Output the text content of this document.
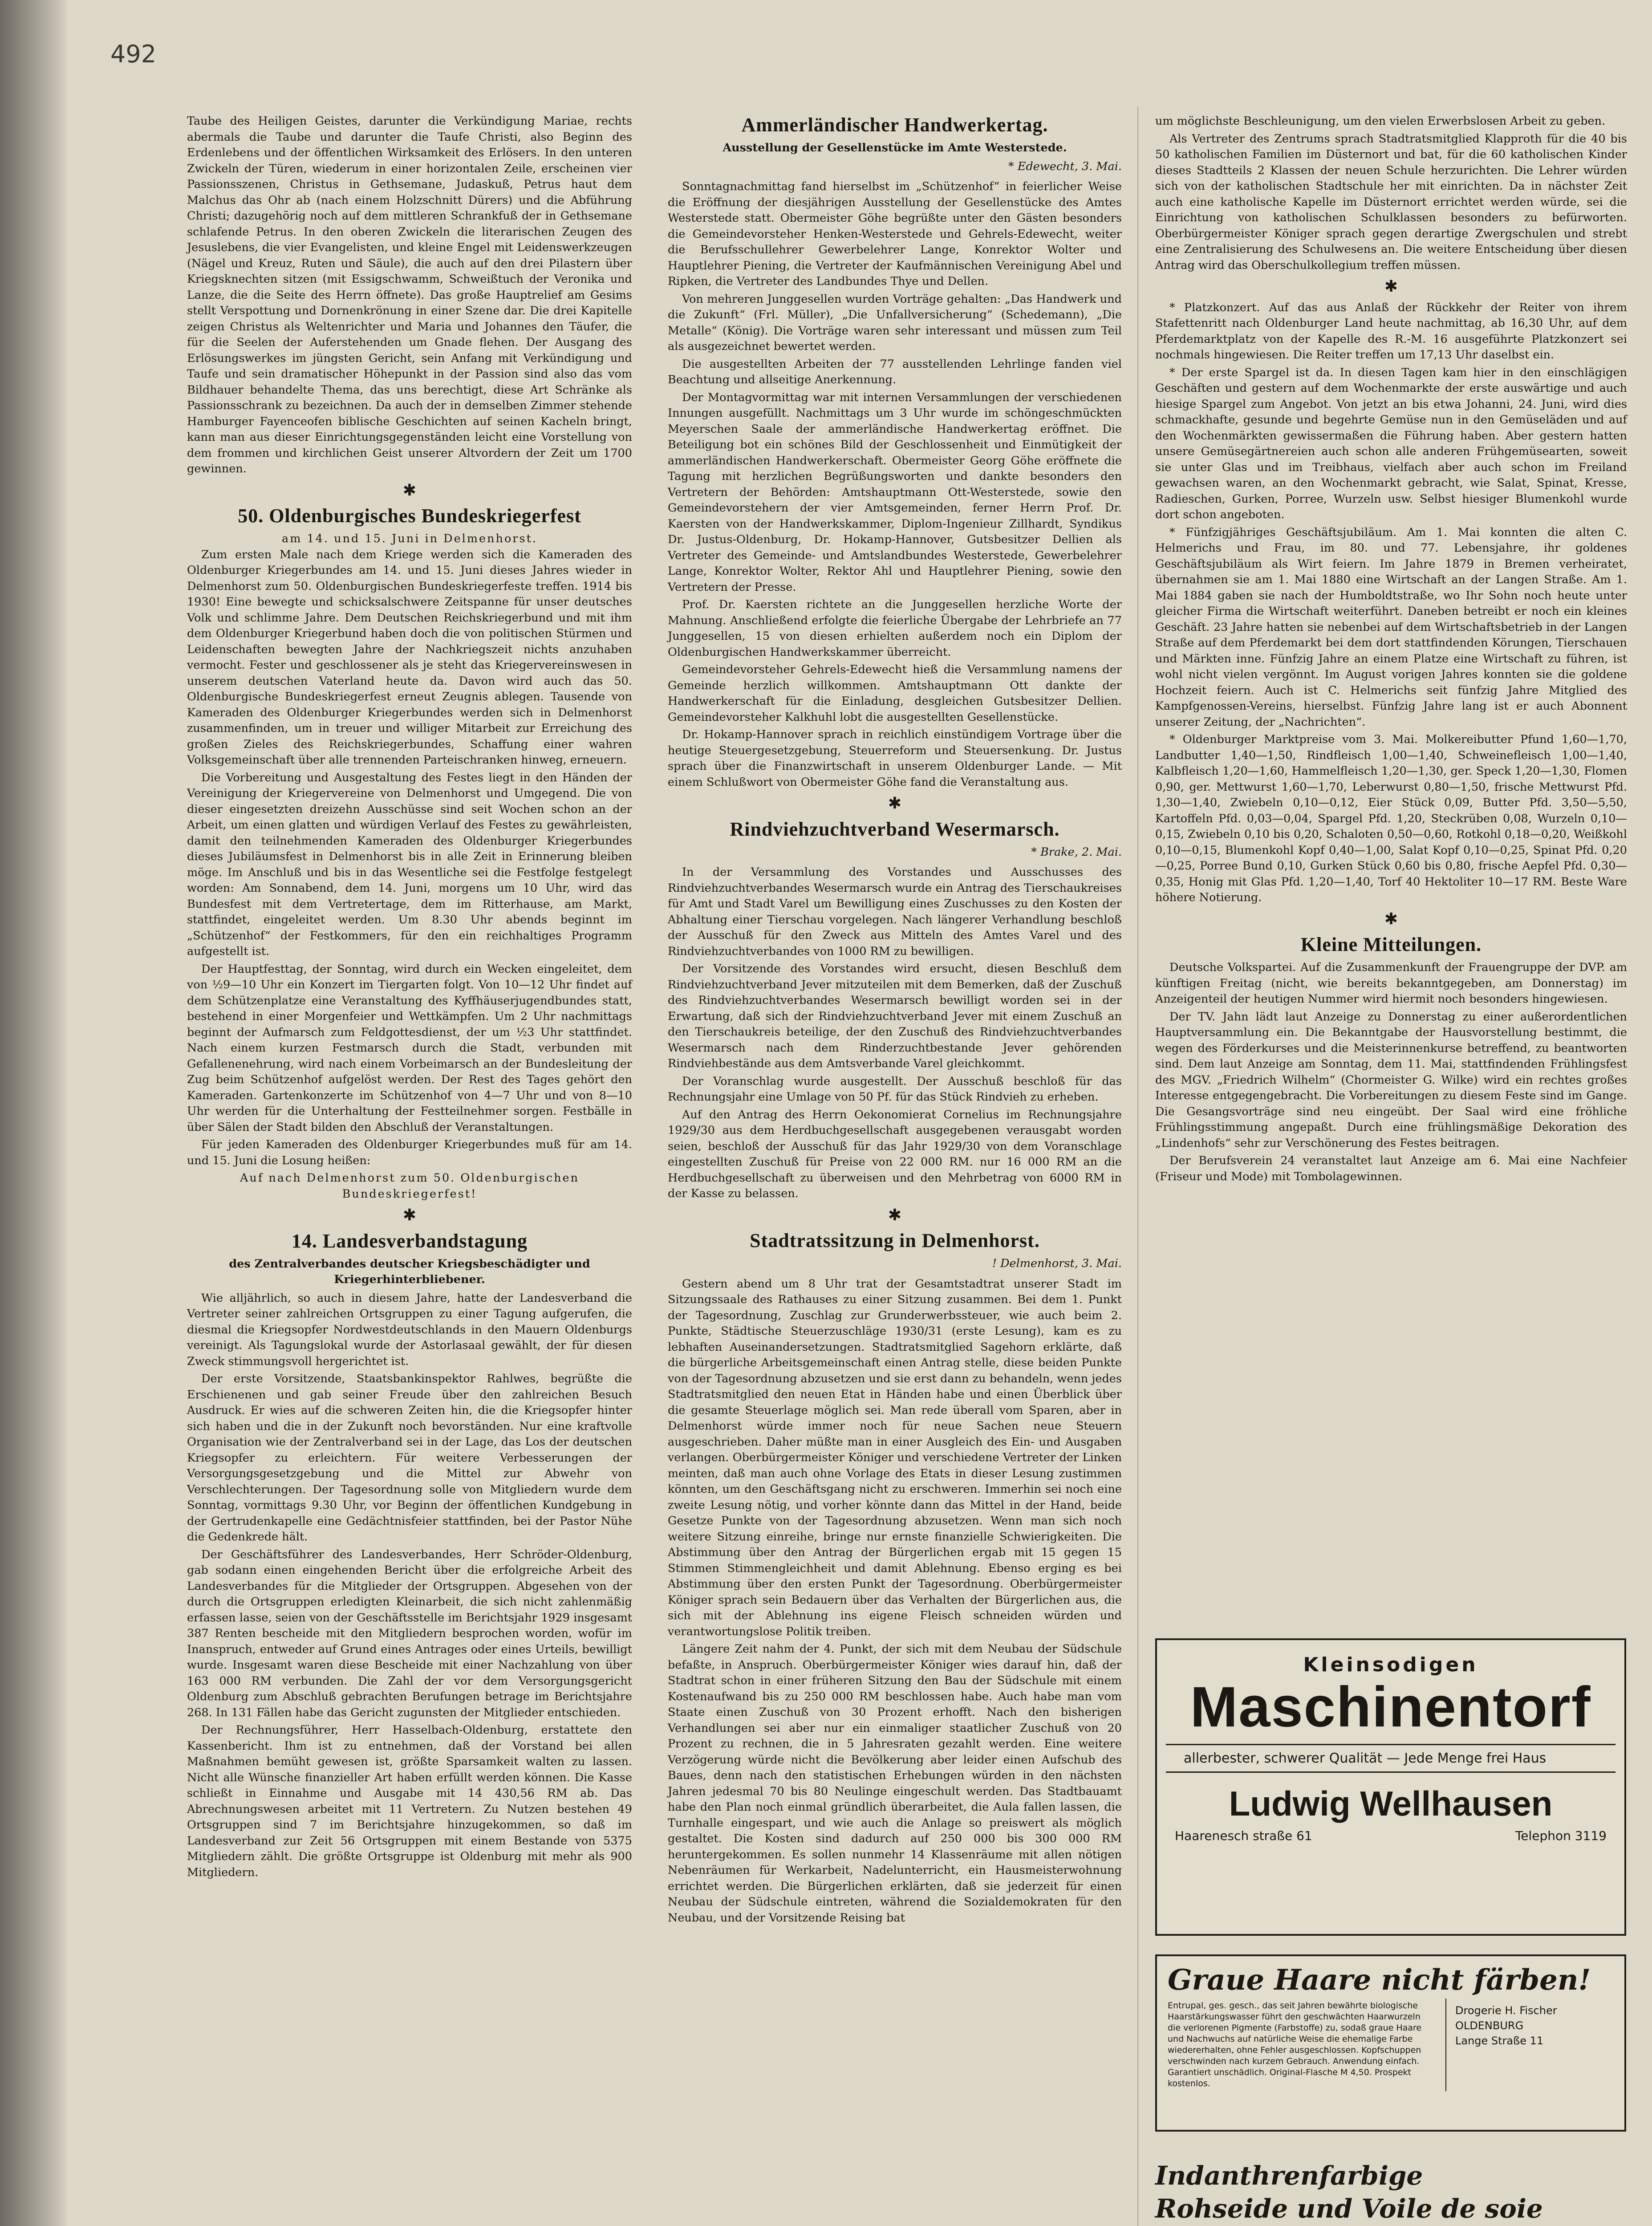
492

Taube des Heiligen Geistes, darunter die Verkündigung Mariae, rechts abermals die Taube und darunter die Taufe Christi, also Beginn des Erdenlebens und der öffentlichen Wirksamkeit des Erlösers. In den unteren Zwickeln der Türen, wiederum in einer horizontalen Zeile, erscheinen vier Passionsszenen, Christus in Gethsemane, Judaskuß, Petrus haut dem Malchus das Ohr ab (nach einem Holzschnitt Dürers) und die Abführung Christi; dazugehörig noch auf dem mittleren Schrankfuß der in Gethsemane schlafende Petrus. In den oberen Zwickeln die literarischen Zeugen des Jesuslebens, die vier Evangelisten, und kleine Engel mit Leidenswerkzeugen (Nägel und Kreuz, Ruten und Säule), die auch auf den drei Pilastern über Kriegsknechten sitzen (mit Essigschwamm, Schweißtuch der Veronika und Lanze, die die Seite des Herrn öffnete). Das große Hauptrelief am Gesims stellt Verspottung und Dornenkrönung in einer Szene dar. Die drei Kapitelle zeigen Christus als Weltenrichter und Maria und Johannes den Täufer, die für die Seelen der Auferstehenden um Gnade flehen. Der Ausgang des Erlösungswerkes im jüngsten Gericht, sein Anfang mit Verkündigung und Taufe und sein dramatischer Höhepunkt in der Passion sind also das vom Bildhauer behandelte Thema, das uns berechtigt, diese Art Schränke als Passionsschrank zu bezeichnen. Da auch der in demselben Zimmer stehende Hamburger Fayenceofen biblische Geschichten auf seinen Kacheln bringt, kann man aus dieser Einrichtungsgegenständen leicht eine Vorstellung von dem frommen und kirchlichen Geist unserer Altvordern der Zeit um 1700 gewinnen.

✱
50. Oldenburgisches Bundeskriegerfest
am 14. und 15. Juni in Delmenhorst.

Zum ersten Male nach dem Kriege werden sich die Kameraden des Oldenburger Kriegerbundes am 14. und 15. Juni dieses Jahres wieder in Delmenhorst zum 50. Oldenburgischen Bundeskriegerfeste treffen. 1914 bis 1930! Eine bewegte und schicksalschwere Zeitspanne für unser deutsches Volk und schlimme Jahre. Dem Deutschen Reichskriegerbund und mit ihm dem Oldenburger Kriegerbund haben doch die von politischen Stürmen und Leidenschaften bewegten Jahre der Nachkriegszeit nichts anzuhaben vermocht. Fester und geschlossener als je steht das Kriegervereinswesen in unserem deutschen Vaterland heute da. Davon wird auch das 50. Oldenburgische Bundeskriegerfest erneut Zeugnis ablegen. Tausende von Kameraden des Oldenburger Kriegerbundes werden sich in Delmenhorst zusammenfinden, um in treuer und williger Mitarbeit zur Erreichung des großen Zieles des Reichskriegerbundes, Schaffung einer wahren Volksgemeinschaft über alle trennenden Parteischranken hinweg, erneuern.

Die Vorbereitung und Ausgestaltung des Festes liegt in den Händen der Vereinigung der Kriegervereine von Delmenhorst und Umgegend. Die von dieser eingesetzten dreizehn Ausschüsse sind seit Wochen schon an der Arbeit, um einen glatten und würdigen Verlauf des Festes zu gewährleisten, damit den teilnehmenden Kameraden des Oldenburger Kriegerbundes dieses Jubiläumsfest in Delmenhorst bis in alle Zeit in Erinnerung bleiben möge. Im Anschluß und bis in das Wesentliche sei die Festfolge festgelegt worden: Am Sonnabend, dem 14. Juni, morgens um 10 Uhr, wird das Bundesfest mit dem Vertretertage, dem im Ritterhause, am Markt, stattfindet, eingeleitet werden. Um 8.30 Uhr abends beginnt im „Schützenhof“ der Festkommers, für den ein reichhaltiges Programm aufgestellt ist.

Der Hauptfesttag, der Sonntag, wird durch ein Wecken eingeleitet, dem von ½9—10 Uhr ein Konzert im Tiergarten folgt. Von 10—12 Uhr findet auf dem Schützenplatze eine Veranstaltung des Kyffhäuserjugendbundes statt, bestehend in einer Morgenfeier und Wettkämpfen. Um 2 Uhr nachmittags beginnt der Aufmarsch zum Feldgottesdienst, der um ½3 Uhr stattfindet. Nach einem kurzen Festmarsch durch die Stadt, verbunden mit Gefallenenehrung, wird nach einem Vorbeimarsch an der Bundesleitung der Zug beim Schützenhof aufgelöst werden. Der Rest des Tages gehört den Kameraden. Gartenkonzerte im Schützenhof von 4—7 Uhr und von 8—10 Uhr werden für die Unterhaltung der Festteilnehmer sorgen. Festbälle in über Sälen der Stadt bilden den Abschluß der Veranstaltungen.

Für jeden Kameraden des Oldenburger Kriegerbundes muß für am 14. und 15. Juni die Losung heißen:

Auf nach Delmenhorst zum 50. Oldenburgischen Bundeskriegerfest!
✱
14. Landesverbandstagung
des Zentralverbandes deutscher Kriegsbeschädigter und Kriegerhinterbliebener.

Wie alljährlich, so auch in diesem Jahre, hatte der Landesverband die Vertreter seiner zahlreichen Ortsgruppen zu einer Tagung aufgerufen, die diesmal die Kriegsopfer Nordwestdeutschlands in den Mauern Oldenburgs vereinigt. Als Tagungslokal wurde der Astorlasaal gewählt, der für diesen Zweck stimmungsvoll hergerichtet ist.

Der erste Vorsitzende, Staatsbankinspektor Rahlwes, begrüßte die Erschienenen und gab seiner Freude über den zahlreichen Besuch Ausdruck. Er wies auf die schweren Zeiten hin, die die Kriegsopfer hinter sich haben und die in der Zukunft noch bevorständen. Nur eine kraftvolle Organisation wie der Zentralverband sei in der Lage, das Los der deutschen Kriegsopfer zu erleichtern. Für weitere Verbesserungen der Versorgungsgesetzgebung und die Mittel zur Abwehr von Verschlechterungen. Der Tagesordnung solle von Mitgliedern wurde dem Sonntag, vormittags 9.30 Uhr, vor Beginn der öffentlichen Kundgebung in der Gertrudenkapelle eine Gedächtnisfeier stattfinden, bei der Pastor Nühe die Gedenkrede hält.

Der Geschäftsführer des Landesverbandes, Herr Schröder-Oldenburg, gab sodann einen eingehenden Bericht über die erfolgreiche Arbeit des Landesverbandes für die Mitglieder der Ortsgruppen. Abgesehen von der durch die Ortsgruppen erledigten Kleinarbeit, die sich nicht zahlenmäßig erfassen lasse, seien von der Geschäftsstelle im Berichtsjahr 1929 insgesamt 387 Renten bescheide mit den Mitgliedern besprochen worden, wofür im Inanspruch, entweder auf Grund eines Antrages oder eines Urteils, bewilligt wurde. Insgesamt waren diese Bescheide mit einer Nachzahlung von über 163 000 RM verbunden. Die Zahl der vor dem Versorgungsgericht Oldenburg zum Abschluß gebrachten Berufungen betrage im Berichtsjahre 268. In 131 Fällen habe das Gericht zugunsten der Mitglieder entschieden.

Der Rechnungsführer, Herr Hasselbach-Oldenburg, erstattete den Kassenbericht. Ihm ist zu entnehmen, daß der Vorstand bei allen Maßnahmen bemüht gewesen ist, größte Sparsamkeit walten zu lassen. Nicht alle Wünsche finanzieller Art haben erfüllt werden können. Die Kasse schließt in Einnahme und Ausgabe mit 14 430,56 RM ab. Das Abrechnungswesen arbeitet mit 11 Vertretern. Zu Nutzen bestehen 49 Ortsgruppen sind 7 im Berichtsjahre hinzugekommen, so daß im Landesverband zur Zeit 56 Ortsgruppen mit einem Bestande von 5375 Mitgliedern zählt. Die größte Ortsgruppe ist Oldenburg mit mehr als 900 Mitgliedern.

Ammerländischer Handwerkertag.
Ausstellung der Gesellenstücke im Amte Westerstede.
* Edewecht, 3. Mai.

Sonntagnachmittag fand hierselbst im „Schützenhof“ in feierlicher Weise die Eröffnung der diesjährigen Ausstellung der Gesellenstücke des Amtes Westerstede statt. Obermeister Göhe begrüßte unter den Gästen besonders die Gemeindevorsteher Henken-Westerstede und Gehrels-Edewecht, weiter die Berufsschullehrer Gewerbelehrer Lange, Konrektor Wolter und Hauptlehrer Piening, die Vertreter der Kaufmännischen Vereinigung Abel und Ripken, die Vertreter des Landbundes Thye und Dellen.

Von mehreren Junggesellen wurden Vorträge gehalten: „Das Handwerk und die Zukunft“ (Frl. Müller), „Die Unfallversicherung“ (Schedemann), „Die Metalle“ (König). Die Vorträge waren sehr interessant und müssen zum Teil als ausgezeichnet bewertet werden.

Die ausgestellten Arbeiten der 77 ausstellenden Lehrlinge fanden viel Beachtung und allseitige Anerkennung.

Der Montagvormittag war mit internen Versammlungen der verschiedenen Innungen ausgefüllt. Nachmittags um 3 Uhr wurde im schöngeschmückten Meyerschen Saale der ammerländische Handwerkertag eröffnet. Die Beteiligung bot ein schönes Bild der Geschlossenheit und Einmütigkeit der ammerländischen Handwerkerschaft. Obermeister Georg Göhe eröffnete die Tagung mit herzlichen Begrüßungsworten und dankte besonders den Vertretern der Behörden: Amtshauptmann Ott-Westerstede, sowie den Gemeindevorstehern der vier Amtsgemeinden, ferner Herrn Prof. Dr. Kaersten von der Handwerkskammer, Diplom-Ingenieur Zillhardt, Syndikus Dr. Justus-Oldenburg, Dr. Hokamp-Hannover, Gutsbesitzer Dellien als Vertreter des Gemeinde- und Amtslandbundes Westerstede, Gewerbelehrer Lange, Konrektor Wolter, Rektor Ahl und Hauptlehrer Piening, sowie den Vertretern der Presse.

Prof. Dr. Kaersten richtete an die Junggesellen herzliche Worte der Mahnung. Anschließend erfolgte die feierliche Übergabe der Lehrbriefe an 77 Junggesellen, 15 von diesen erhielten außerdem noch ein Diplom der Oldenburgischen Handwerkskammer überreicht.

Gemeindevorsteher Gehrels-Edewecht hieß die Versammlung namens der Gemeinde herzlich willkommen. Amtshauptmann Ott dankte der Handwerkerschaft für die Einladung, desgleichen Gutsbesitzer Dellien. Gemeindevorsteher Kalkhuhl lobt die ausgestellten Gesellenstücke.

Dr. Hokamp-Hannover sprach in reichlich einstündigem Vortrage über die heutige Steuergesetzgebung, Steuerreform und Steuersenkung. Dr. Justus sprach über die Finanzwirtschaft in unserem Oldenburger Lande. — Mit einem Schlußwort von Obermeister Göhe fand die Veranstaltung aus.

✱
Rindviehzuchtverband Wesermarsch.
* Brake, 2. Mai.

In der Versammlung des Vorstandes und Ausschusses des Rindviehzuchtverbandes Wesermarsch wurde ein Antrag des Tierschaukreises für Amt und Stadt Varel um Bewilligung eines Zuschusses zu den Kosten der Abhaltung einer Tierschau vorgelegen. Nach längerer Verhandlung beschloß der Ausschuß für den Zweck aus Mitteln des Amtes Varel und des Rindviehzuchtverbandes von 1000 RM zu bewilligen.

Der Vorsitzende des Vorstandes wird ersucht, diesen Beschluß dem Rindviehzuchtverband Jever mitzuteilen mit dem Bemerken, daß der Zuschuß des Rindviehzuchtverbandes Wesermarsch bewilligt worden sei in der Erwartung, daß sich der Rindviehzuchtverband Jever mit einem Zuschuß an den Tierschaukreis beteilige, der den Zuschuß des Rindviehzuchtverbandes Wesermarsch nach dem Rinderzuchtbestande Jever gehörenden Rindviehbestände aus dem Amtsverbande Varel gleichkommt.

Der Voranschlag wurde ausgestellt. Der Ausschuß beschloß für das Rechnungsjahr eine Umlage von 50 Pf. für das Stück Rindvieh zu erheben.

Auf den Antrag des Herrn Oekonomierat Cornelius im Rechnungsjahre 1929/30 aus dem Herdbuchgesellschaft ausgegebenen verausgabt worden seien, beschloß der Ausschuß für das Jahr 1929/30 von dem Voranschlage eingestellten Zuschuß für Preise von 22 000 RM. nur 16 000 RM an die Herdbuchgesellschaft zu überweisen und den Mehrbetrag von 6000 RM in der Kasse zu belassen.

✱
Stadtratssitzung in Delmenhorst.
! Delmenhorst, 3. Mai.

Gestern abend um 8 Uhr trat der Gesamtstadtrat unserer Stadt im Sitzungssaale des Rathauses zu einer Sitzung zusammen. Bei dem 1. Punkt der Tagesordnung, Zuschlag zur Grunderwerbssteuer, wie auch beim 2. Punkte, Städtische Steuerzuschläge 1930/31 (erste Lesung), kam es zu lebhaften Auseinandersetzungen. Stadtratsmitglied Sagehorn erklärte, daß die bürgerliche Arbeitsgemeinschaft einen Antrag stelle, diese beiden Punkte von der Tagesordnung abzusetzen und sie erst dann zu behandeln, wenn jedes Stadtratsmitglied den neuen Etat in Händen habe und einen Überblick über die gesamte Steuerlage möglich sei. Man rede überall vom Sparen, aber in Delmenhorst würde immer noch für neue Sachen neue Steuern ausgeschrieben. Daher müßte man in einer Ausgleich des Ein- und Ausgaben verlangen. Oberbürgermeister Königer und verschiedene Vertreter der Linken meinten, daß man auch ohne Vorlage des Etats in dieser Lesung zustimmen könnten, um den Geschäftsgang nicht zu erschweren. Immerhin sei noch eine zweite Lesung nötig, und vorher könnte dann das Mittel in der Hand, beide Gesetze Punkte von der Tagesordnung abzusetzen. Wenn man sich noch weitere Sitzung einreihe, bringe nur ernste finanzielle Schwierigkeiten. Die Abstimmung über den Antrag der Bürgerlichen ergab mit 15 gegen 15 Stimmen Stimmengleichheit und damit Ablehnung. Ebenso erging es bei Abstimmung über den ersten Punkt der Tagesordnung. Oberbürgermeister Königer sprach sein Bedauern über das Verhalten der Bürgerlichen aus, die sich mit der Ablehnung ins eigene Fleisch schneiden würden und verantwortungslose Politik treiben.

Längere Zeit nahm der 4. Punkt, der sich mit dem Neubau der Südschule befaßte, in Anspruch. Oberbürgermeister Königer wies darauf hin, daß der Stadtrat schon in einer früheren Sitzung den Bau der Südschule mit einem Kostenaufwand bis zu 250 000 RM beschlossen habe. Auch habe man vom Staate einen Zuschuß von 30 Prozent erhofft. Nach den bisherigen Verhandlungen sei aber nur ein einmaliger staatlicher Zuschuß von 20 Prozent zu rechnen, die in 5 Jahresraten gezahlt werden. Eine weitere Verzögerung würde nicht die Bevölkerung aber leider einen Aufschub des Baues, denn nach den statistischen Erhebungen würden in den nächsten Jahren jedesmal 70 bis 80 Neulinge eingeschult werden. Das Stadtbauamt habe den Plan noch einmal gründlich überarbeitet, die Aula fallen lassen, die Turnhalle eingespart, und wie auch die Anlage so preiswert als möglich gestaltet. Die Kosten sind dadurch auf 250 000 bis 300 000 RM heruntergekommen. Es sollen nunmehr 14 Klassenräume mit allen nötigen Nebenräumen für Werkarbeit, Nadelunterricht, ein Hausmeisterwohnung errichtet werden. Die Bürgerlichen erklärten, daß sie jederzeit für einen Neubau der Südschule eintreten, während die Sozialdemokraten für den Neubau, und der Vorsitzende Reising bat

um möglichste Beschleunigung, um den vielen Erwerbslosen Arbeit zu geben.

Als Vertreter des Zentrums sprach Stadtratsmitglied Klapproth für die 40 bis 50 katholischen Familien im Düsternort und bat, für die 60 katholischen Kinder dieses Stadtteils 2 Klassen der neuen Schule herzurichten. Die Lehrer würden sich von der katholischen Stadtschule her mit einrichten. Da in nächster Zeit auch eine katholische Kapelle im Düsternort errichtet werden würde, sei die Einrichtung von katholischen Schulklassen besonders zu befürworten. Oberbürgermeister Königer sprach gegen derartige Zwergschulen und strebt eine Zentralisierung des Schulwesens an. Die weitere Entscheidung über diesen Antrag wird das Oberschulkollegium treffen müssen.

✱

* Platzkonzert. Auf das aus Anlaß der Rückkehr der Reiter von ihrem Stafettenritt nach Oldenburger Land heute nachmittag, ab 16,30 Uhr, auf dem Pferdemarktplatz von der Kapelle des R.-M. 16 ausgeführte Platzkonzert sei nochmals hingewiesen. Die Reiter treffen um 17,13 Uhr daselbst ein.

* Der erste Spargel ist da. In diesen Tagen kam hier in den einschlägigen Geschäften und gestern auf dem Wochenmarkte der erste auswärtige und auch hiesige Spargel zum Angebot. Von jetzt an bis etwa Johanni, 24. Juni, wird dies schmackhafte, gesunde und begehrte Gemüse nun in den Gemüseläden und auf den Wochenmärkten gewissermaßen die Führung haben. Aber gestern hatten unsere Gemüsegärtnereien auch schon alle anderen Frühgemüsearten, soweit sie unter Glas und im Treibhaus, vielfach aber auch schon im Freiland gewachsen waren, an den Wochenmarkt gebracht, wie Salat, Spinat, Kresse, Radieschen, Gurken, Porree, Wurzeln usw. Selbst hiesiger Blumenkohl wurde dort schon angeboten.

* Fünfzigjähriges Geschäftsjubiläum. Am 1. Mai konnten die alten C. Helmerichs und Frau, im 80. und 77. Lebensjahre, ihr goldenes Geschäftsjubiläum als Wirt feiern. Im Jahre 1879 in Bremen verheiratet, übernahmen sie am 1. Mai 1880 eine Wirtschaft an der Langen Straße. Am 1. Mai 1884 gaben sie nach der Humboldtstraße, wo Ihr Sohn noch heute unter gleicher Firma die Wirtschaft weiterführt. Daneben betreibt er noch ein kleines Geschäft. 23 Jahre hatten sie nebenbei auf dem Wirtschaftsbetrieb in der Langen Straße auf dem Pferdemarkt bei dem dort stattfindenden Körungen, Tierschauen und Märkten inne. Fünfzig Jahre an einem Platze eine Wirtschaft zu führen, ist wohl nicht vielen vergönnt. Im August vorigen Jahres konnten sie die goldene Hochzeit feiern. Auch ist C. Helmerichs seit fünfzig Jahre Mitglied des Kampfgenossen-Vereins, hierselbst. Fünfzig Jahre lang ist er auch Abonnent unserer Zeitung, der „Nachrichten“.

* Oldenburger Marktpreise vom 3. Mai. Molkereibutter Pfund 1,60—1,70, Landbutter 1,40—1,50, Rindfleisch 1,00—1,40, Schweinefleisch 1,00—1,40, Kalbfleisch 1,20—1,60, Hammelfleisch 1,20—1,30, ger. Speck 1,20—1,30, Flomen 0,90, ger. Mettwurst 1,60—1,70, Leberwurst 0,80—1,50, frische Mettwurst Pfd. 1,30—1,40, Zwiebeln 0,10—0,12, Eier Stück 0,09, Butter Pfd. 3,50—5,50, Kartoffeln Pfd. 0,03—0,04, Spargel Pfd. 1,20, Steckrüben 0,08, Wurzeln 0,10—0,15, Zwiebeln 0,10 bis 0,20, Schaloten 0,50—0,60, Rotkohl 0,18—0,20, Weißkohl 0,10—0,15, Blumenkohl Kopf 0,40—1,00, Salat Kopf 0,10—0,25, Spinat Pfd. 0,20—0,25, Porree Bund 0,10, Gurken Stück 0,60 bis 0,80, frische Aepfel Pfd. 0,30—0,35, Honig mit Glas Pfd. 1,20—1,40, Torf 40 Hektoliter 10—17 RM. Beste Ware höhere Notierung.

✱
Kleine Mitteilungen.

Deutsche Volkspartei. Auf die Zusammenkunft der Frauengruppe der DVP. am künftigen Freitag (nicht, wie bereits bekanntgegeben, am Donnerstag) im Anzeigenteil der heutigen Nummer wird hiermit noch besonders hingewiesen.

Der TV. Jahn lädt laut Anzeige zu Donnerstag zu einer außerordentlichen Hauptversammlung ein. Die Bekanntgabe der Hausvorstellung bestimmt, die wegen des Förderkurses und die Meisterinnenkurse betreffend, zu beantworten sind. Dem laut Anzeige am Sonntag, dem 11. Mai, stattfindenden Frühlingsfest des MGV. „Friedrich Wilhelm“ (Chormeister G. Wilke) wird ein rechtes großes Interesse entgegengebracht. Die Vorbereitungen zu diesem Feste sind im Gange. Die Gesangsvorträge sind neu eingeübt. Der Saal wird eine fröhliche Frühlingsstimmung angepaßt. Durch eine frühlingsmäßige Dekoration des „Lindenhofs“ sehr zur Verschönerung des Festes beitragen.

Der Berufsverein 24 veranstaltet laut Anzeige am 6. Mai eine Nachfeier (Friseur und Mode) mit Tombolagewinnen.

Kleinsodigen
Maschinentorf
allerbester, schwerer Qualität — Jede Menge frei Haus
Ludwig Wellhausen
Haarenesch straße 61	Telephon 3119
Graue Haare nicht färben!
Entrupal, ges. gesch., das seit Jahren bewährte biologische Haarstärkungswasser führt den geschwächten Haarwurzeln die verlorenen Pigmente (Farbstoffe) zu, sodaß graue Haare und Nachwuchs auf natürliche Weise die ehemalige Farbe wiedererhalten, ohne Fehler ausgeschlossen. Kopfschuppen verschwinden nach kurzem Gebrauch. Anwendung einfach. Garantiert unschädlich. Original-Flasche M 4,50. Prospekt kostenlos.
Drogerie H. Fischer
OLDENBURG
Lange Straße 11
Indanthrenfarbige
Rohseide und Voile de soie
